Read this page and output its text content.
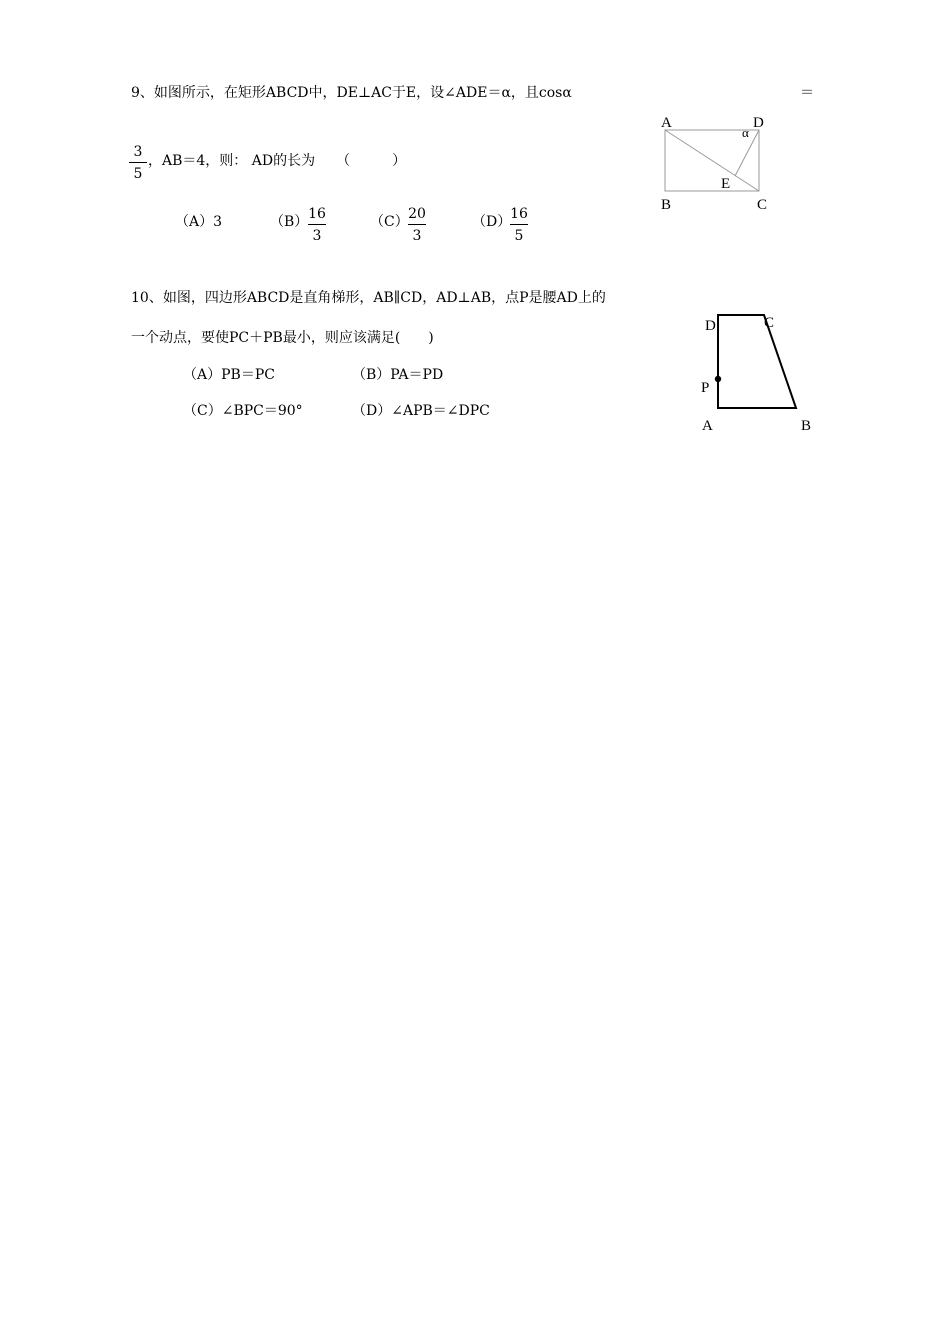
9、如图所示，在矩形ABCD中，DE⊥AC于E，设∠ADE＝α，且cosα	＝
3
5
，AB＝4，则： AD的长为　　（　　　）
（A）3	（B） 16
3
（C） 20
3
（D）
16
5
A	D
α
E
B	C
10、如图，四边形ABCD是直角梯形，AB∥CD，AD⊥AB，点P是腰AD上的
一个动点，要使PC＋PB最小，则应该满足(　　)
（A）PB＝PC	（B）PA＝PD
（C）∠BPC＝90°	（D）∠APB＝∠DPC
D	C
P
A	B
